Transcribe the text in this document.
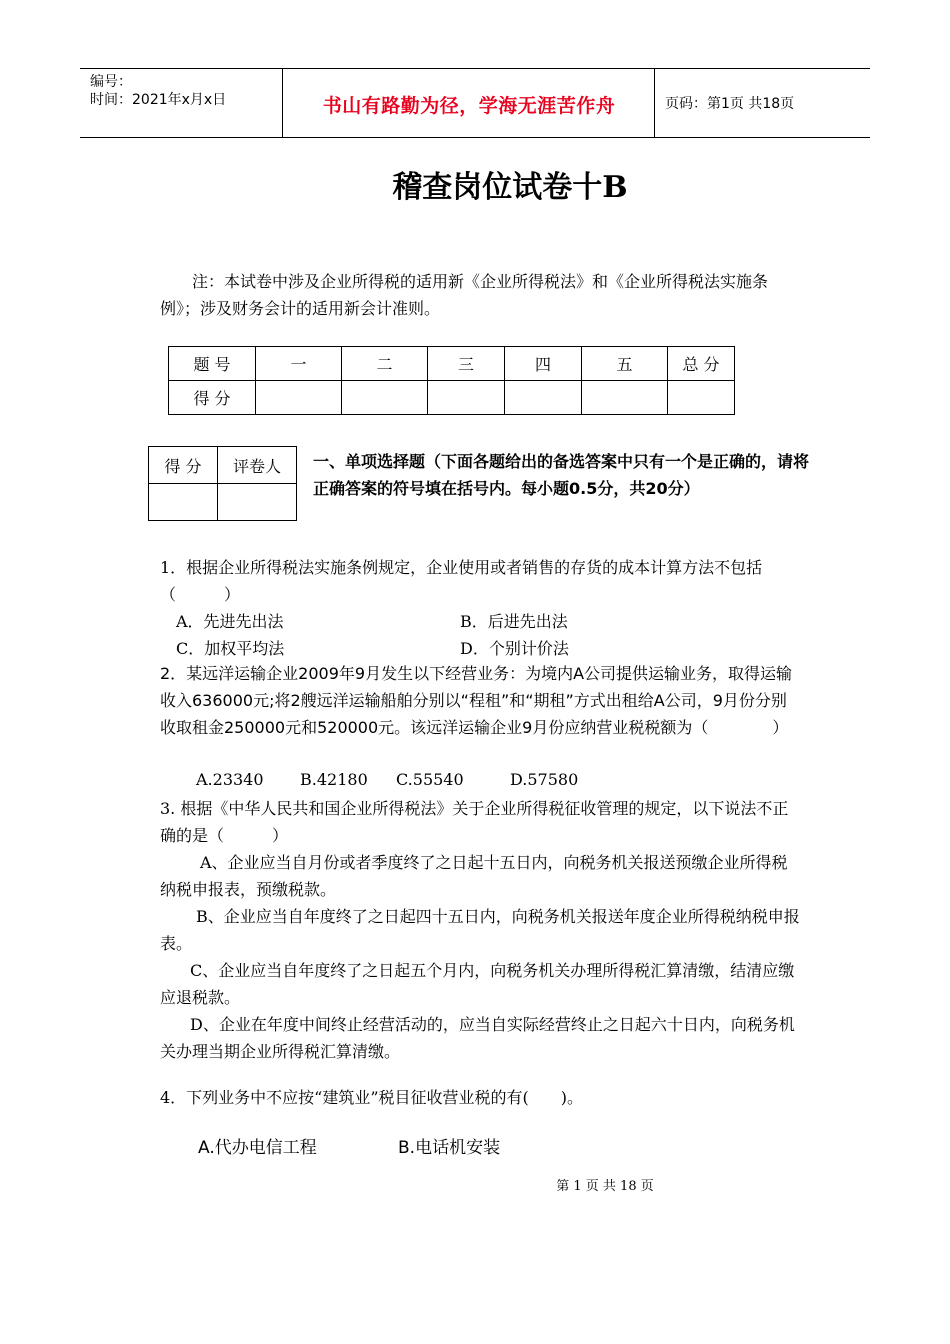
编号：
时间：2021年x月x日	书山有路勤为径，学海无涯苦作舟	页码：第1页 共18页
稽查岗位试卷十B
注：本试卷中涉及企业所得税的适用新《企业所得税法》和《企业所得税法实施条例》；涉及财务会计的适用新会计准则。
题 号	一	二	三	四	五	总 分
得 分						
得 分	评卷人
	一、单项选择题（下面各题给出的备选答案中只有一个是正确的，请将正确答案的符号填在括号内。每小题0.5分，共20分）
1．根据企业所得税法实施条例规定，企业使用或者销售的存货的成本计算方法不包括（　　　）
A．先进先出法	B．后进先出法
C．加权平均法	D．个别计价法
2．某远洋运输企业2009年9月发生以下经营业务：为境内A公司提供运输业务，取得运输收入636000元;将2艘远洋运输船舶分别以“程租”和“期租”方式出租给A公司，9月份分别收取租金250000元和520000元。该远洋运输企业9月份应纳营业税税额为（　　　　）
A.23340 B.42180 C.55540	D.57580
3. 根据《中华人民共和国企业所得税法》关于企业所得税征收管理的规定，以下说法不正确的是（　　　）
A、企业应当自月份或者季度终了之日起十五日内，向税务机关报送预缴企业所得税纳税申报表，预缴税款。
B、企业应当自年度终了之日起四十五日内，向税务机关报送年度企业所得税纳税申报表。
C、企业应当自年度终了之日起五个月内，向税务机关办理所得税汇算清缴，结清应缴应退税款。
D、企业在年度中间终止经营活动的，应当自实际经营终止之日起六十日内，向税务机关办理当期企业所得税汇算清缴。
4．下列业务中不应按“建筑业”税目征收营业税的有(　　)。
A.代办电信工程	B.电话机安装
第 1 页 共 18 页
